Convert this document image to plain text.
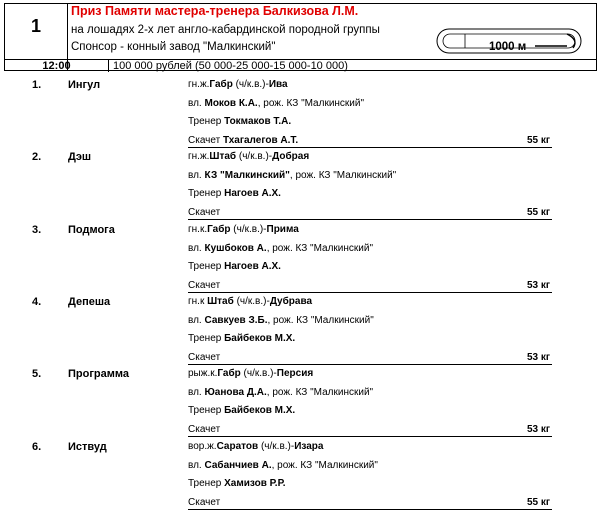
1
Приз Памяти мастера-тренера Балкизова Л.М.
на лошадях 2-х лет англо-кабардинской породной группы
Спонсор - конный завод "Малкинский"
12:00	100 000 рублей (50 000-25 000-15 000-10 000)
1000 м
1. Ингул	гн.ж.Габр (ч/к.в.)-Ива
вл. Моков К.А., рож. КЗ "Малкинский"
Тренер Токмаков Т.А.
Скачет Тхагалегов А.Т.	55 кг
2. Дэш	гн.ж.Штаб (ч/к.в.)-Добрая
вл. КЗ "Малкинский", рож. КЗ "Малкинский"
Тренер Нагоев А.Х.
Скачет	55 кг
3. Подмога	гн.к.Габр (ч/к.в.)-Прима
вл. Кушбоков А., рож. КЗ "Малкинский"
Тренер Нагоев А.Х.
Скачет	53 кг
4. Депеша	гн.к Штаб (ч/к.в.)-Дубрава
вл. Савкуев З.Б., рож. КЗ "Малкинский"
Тренер Байбеков М.Х.
Скачет	53 кг
5. Программа	рыж.к.Габр (ч/к.в.)-Персия
вл. Юанова Д.А., рож. КЗ "Малкинский"
Тренер Байбеков М.Х.
Скачет	53 кг
6. Иствуд	вор.ж.Саратов (ч/к.в.)-Изара
вл. Сабанчиев А., рож. КЗ "Малкинский"
Тренер Хамизов Р.Р.
Скачет	55 кг
